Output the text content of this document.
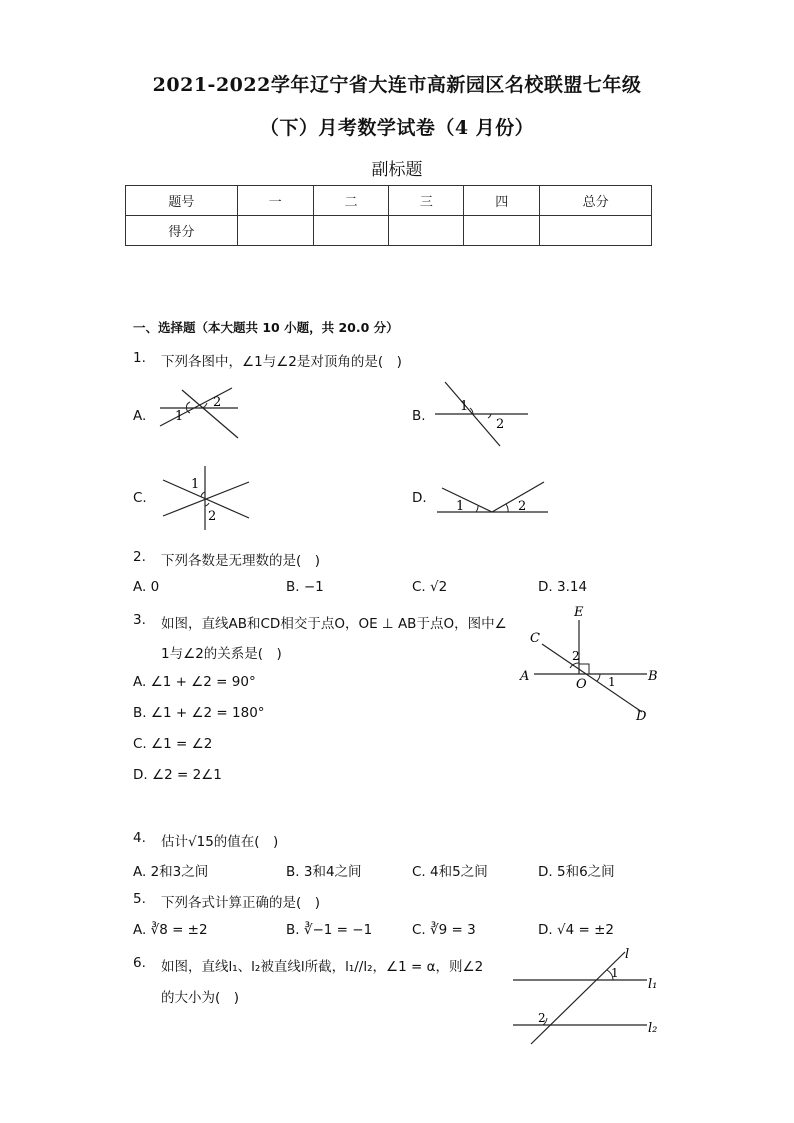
2021-2022学年辽宁省大连市高新园区名校联盟七年级
（下）月考数学试卷（4 月份）
副标题
题号	一	二	三	四	总分
得分					
一、选择题（本大题共 10 小题，共 20.0 分）
1. 下列各图中，∠1与∠2是对顶角的是(　)
A. 1
2
B.
1
2
C.
1
2
D.
1	2
2. 下列各数是无理数的是(　)
A. 0	B. −1	C. √2	D. 3.14
3. 如图，直线AB和CD相交于点O，OE ⊥ AB于点O，图中∠
1与∠2的关系是(　)
A. ∠1 + ∠2 = 90°
B. ∠1 + ∠2 = 180°
C. ∠1 = ∠2
D. ∠2 = 2∠1
E
C
2
A
O 1 B
D
4. 估计√15的值在(　)
A. 2和3之间	B. 3和4之间	C. 4和5之间	D. 5和6之间
5. 下列各式计算正确的是(　)
A. ∛8 = ±2	B. ∛−1 = −1	C. ∛9 = 3	D. √4 = ±2
6. 如图，直线l₁、l₂被直线l所截，l₁//l₂，∠1 = α，则∠2
的大小为(　)
l
1
l₁
2
l₂
